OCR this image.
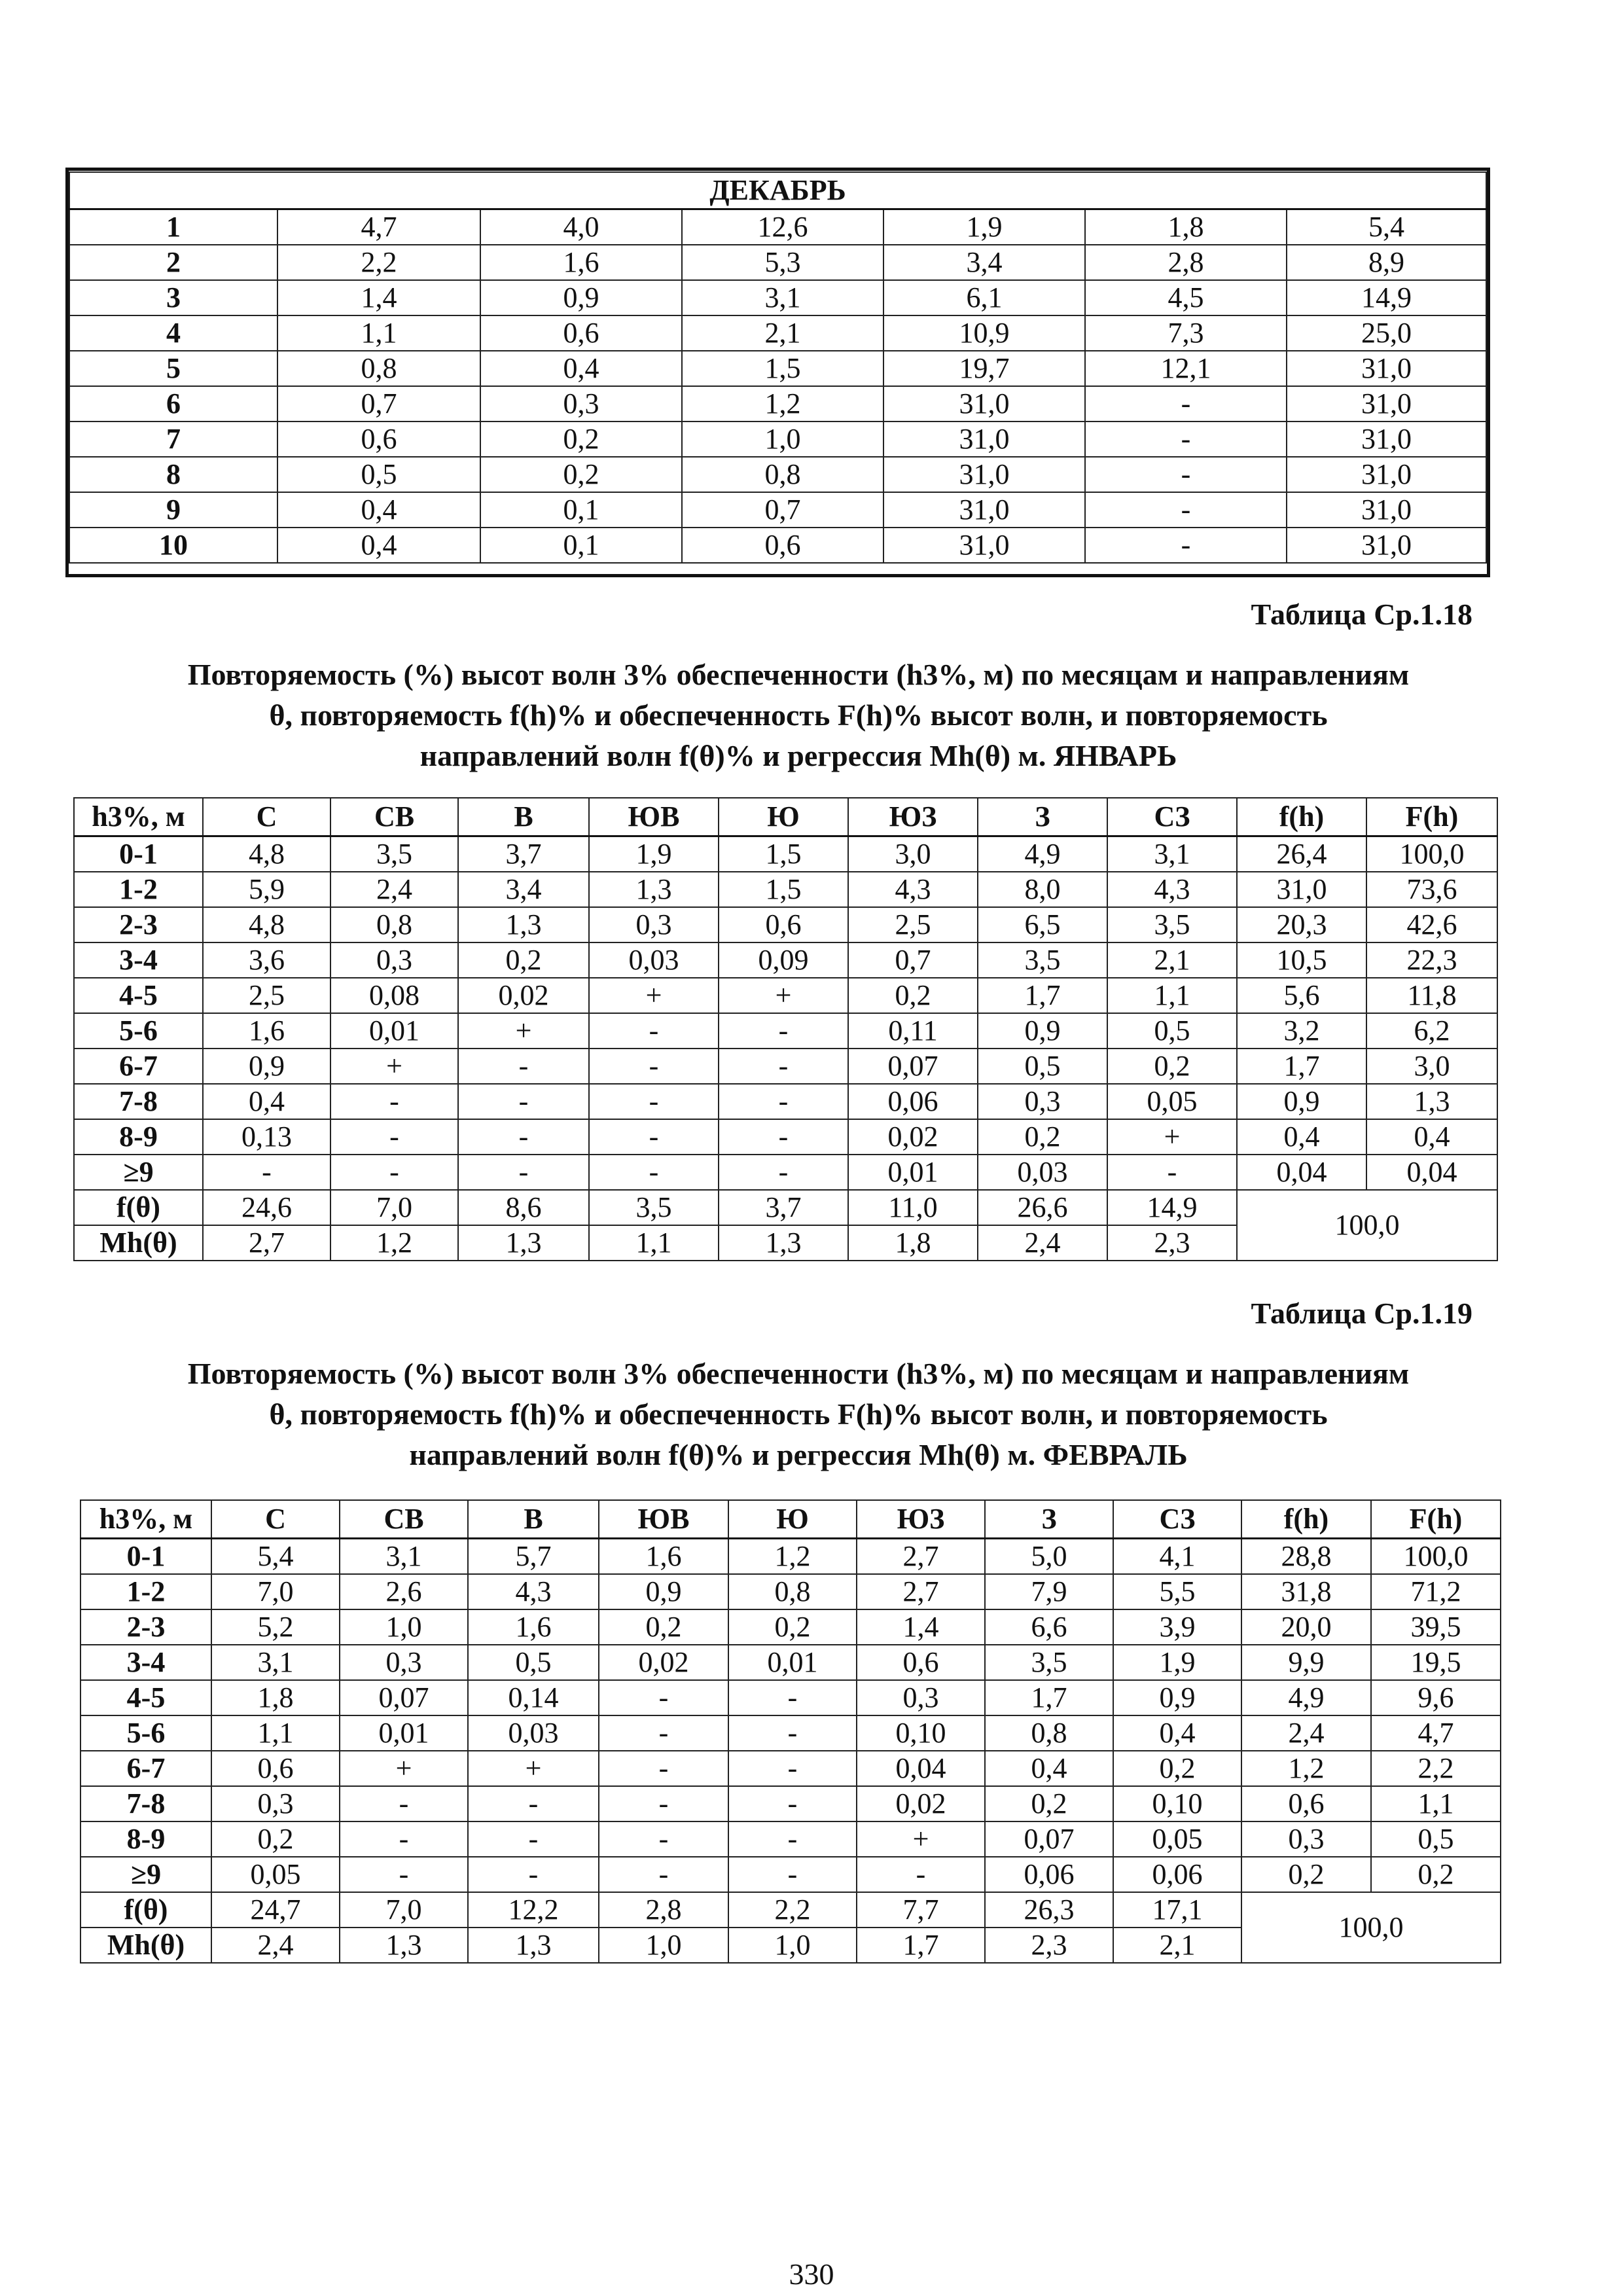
ДЕКАБРЬ						
1	4,7	4,0	12,6	1,9	1,8	5,4
2	2,2	1,6	5,3	3,4	2,8	8,9
3	1,4	0,9	3,1	6,1	4,5	14,9
4	1,1	0,6	2,1	10,9	7,3	25,0
5	0,8	0,4	1,5	19,7	12,1	31,0
6	0,7	0,3	1,2	31,0	-	31,0
7	0,6	0,2	1,0	31,0	-	31,0
8	0,5	0,2	0,8	31,0	-	31,0
9	0,4	0,1	0,7	31,0	-	31,0
10	0,4	0,1	0,6	31,0	-	31,0
Таблица Ср.1.18
Повторяемость (%) высот волн 3% обеспеченности (h3%, м) по месяцам и направлениям
θ, повторяемость f(h)% и обеспеченность F(h)% высот волн, и повторяемость
направлений волн f(θ)% и регрессия Mh(θ) м. ЯНВАРЬ
h3%, м	С	СВ	В	ЮВ	Ю	ЮЗ	З	СЗ	f(h)	F(h)
0-1	4,8	3,5	3,7	1,9	1,5	3,0	4,9	3,1	26,4	100,0
1-2	5,9	2,4	3,4	1,3	1,5	4,3	8,0	4,3	31,0	73,6
2-3	4,8	0,8	1,3	0,3	0,6	2,5	6,5	3,5	20,3	42,6
3-4	3,6	0,3	0,2	0,03	0,09	0,7	3,5	2,1	10,5	22,3
4-5	2,5	0,08	0,02	+	+	0,2	1,7	1,1	5,6	11,8
5-6	1,6	0,01	+	-	-	0,11	0,9	0,5	3,2	6,2
6-7	0,9	+	-	-	-	0,07	0,5	0,2	1,7	3,0
7-8	0,4	-	-	-	-	0,06	0,3	0,05	0,9	1,3
8-9	0,13	-	-	-	-	0,02	0,2	+	0,4	0,4
≥9	-	-	-	-	-	0,01	0,03	-	0,04	0,04
f(θ)	24,6	7,0	8,6	3,5	3,7	11,0	26,6	14,9	100,0	
Mh(θ)	2,7	1,2	1,3	1,1	1,3	1,8	2,4	2,3		
Таблица Ср.1.19
Повторяемость (%) высот волн 3% обеспеченности (h3%, м) по месяцам и направлениям
θ, повторяемость f(h)% и обеспеченность F(h)% высот волн, и повторяемость
направлений волн f(θ)% и регрессия Mh(θ) м. ФЕВРАЛЬ
h3%, м	С	СВ	В	ЮВ	Ю	ЮЗ	З	СЗ	f(h)	F(h)
0-1	5,4	3,1	5,7	1,6	1,2	2,7	5,0	4,1	28,8	100,0
1-2	7,0	2,6	4,3	0,9	0,8	2,7	7,9	5,5	31,8	71,2
2-3	5,2	1,0	1,6	0,2	0,2	1,4	6,6	3,9	20,0	39,5
3-4	3,1	0,3	0,5	0,02	0,01	0,6	3,5	1,9	9,9	19,5
4-5	1,8	0,07	0,14	-	-	0,3	1,7	0,9	4,9	9,6
5-6	1,1	0,01	0,03	-	-	0,10	0,8	0,4	2,4	4,7
6-7	0,6	+	+	-	-	0,04	0,4	0,2	1,2	2,2
7-8	0,3	-	-	-	-	0,02	0,2	0,10	0,6	1,1
8-9	0,2	-	-	-	-	+	0,07	0,05	0,3	0,5
≥9	0,05	-	-	-	-	-	0,06	0,06	0,2	0,2
f(θ)	24,7	7,0	12,2	2,8	2,2	7,7	26,3	17,1	100,0	
Mh(θ)	2,4	1,3	1,3	1,0	1,0	1,7	2,3	2,1		
330
